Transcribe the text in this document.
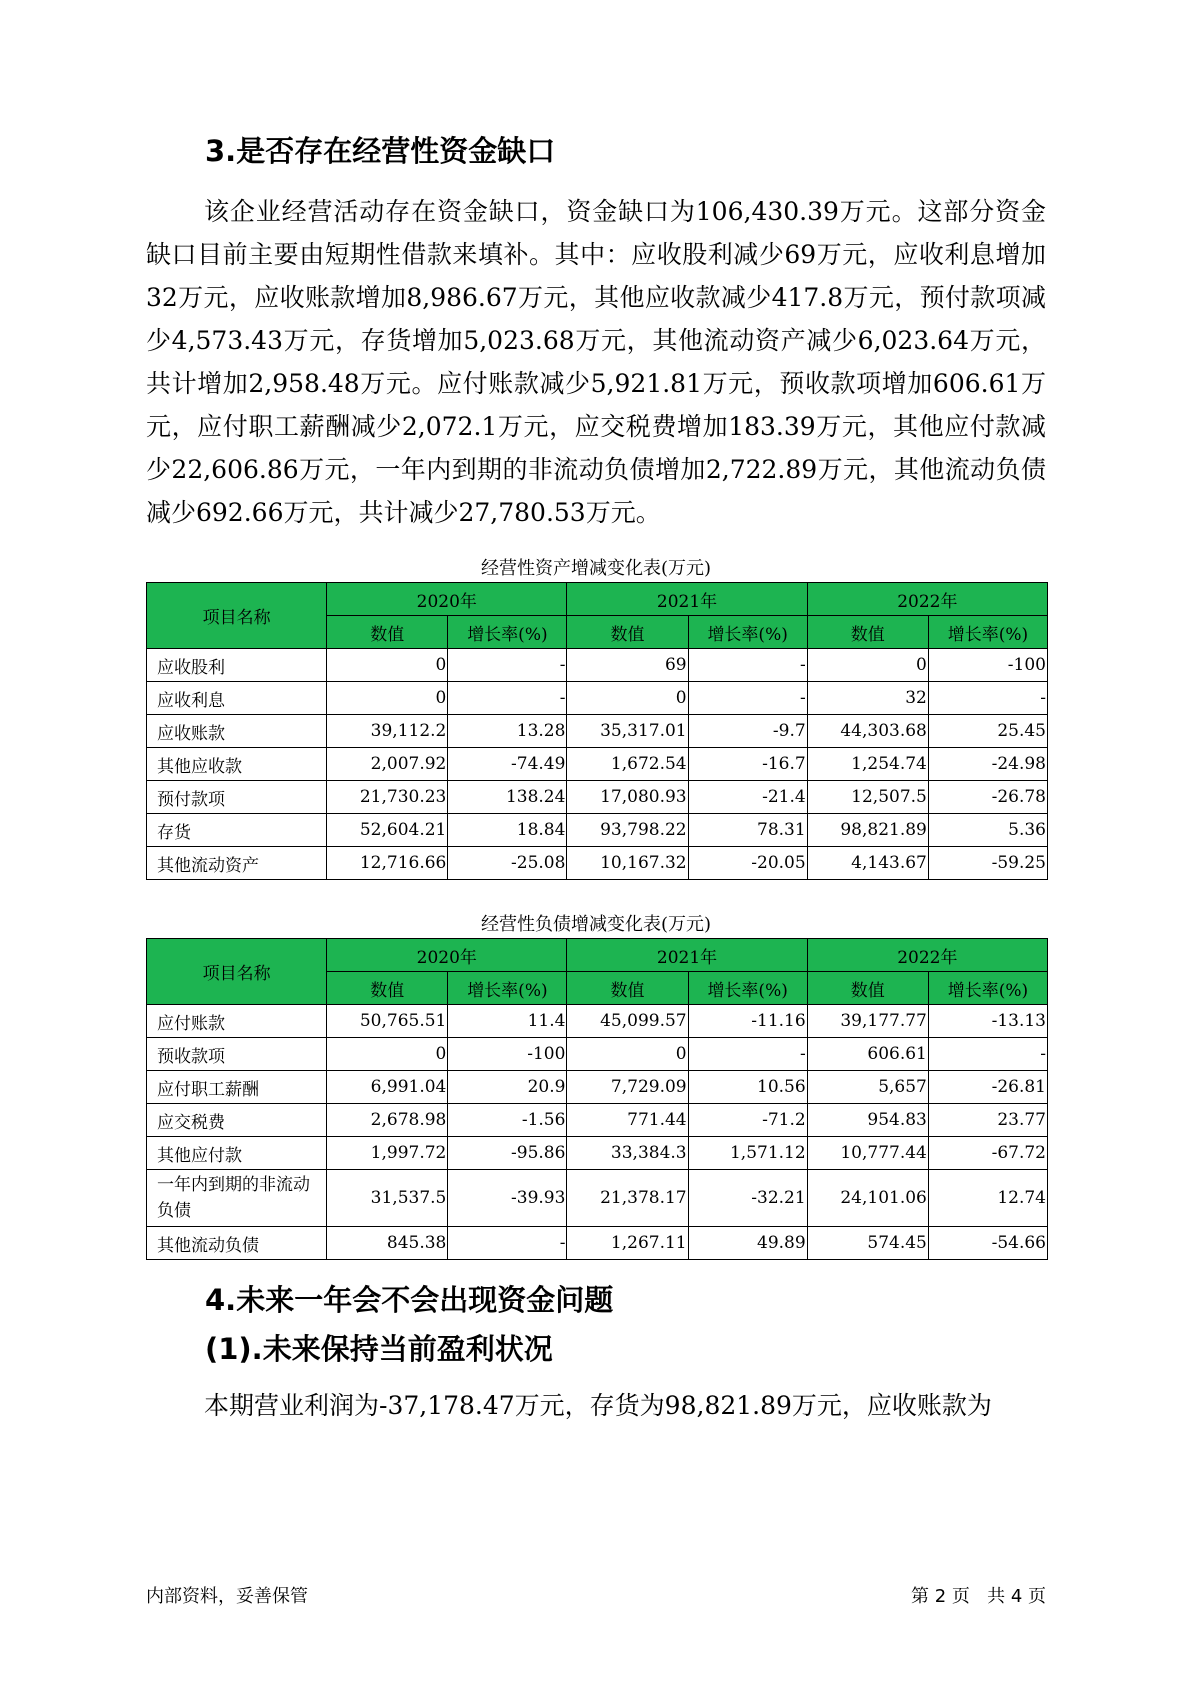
3.是否存在经营性资金缺口

该企业经营活动存在资金缺口，资金缺口为106,430.39万元。这部分资金缺口目前主要由短期性借款来填补。其中：应收股利减少69万元，应收利息增加32万元，应收账款增加8,986.67万元，其他应收款减少417.8万元，预付款项减少4,573.43万元，存货增加5,023.68万元，其他流动资产减少6,023.64万元，共计增加2,958.48万元。应付账款减少5,921.81万元，预收款项增加606.61万元，应付职工薪酬减少2,072.1万元，应交税费增加183.39万元，其他应付款减少22,606.86万元，一年内到期的非流动负债增加2,722.89万元，其他流动负债减少692.66万元，共计减少27,780.53万元。

经营性资产增减变化表(万元)
项目名称	2020年		2021年		2022年	
	数值	增长率(%)	数值	增长率(%)	数值	增长率(%)
应收股利	0	-	69	-	0	-100
应收利息	0	-	0	-	32	-
应收账款	39,112.2	13.28	35,317.01	-9.7	44,303.68	25.45
其他应收款	2,007.92	-74.49	1,672.54	-16.7	1,254.74	-24.98
预付款项	21,730.23	138.24	17,080.93	-21.4	12,507.5	-26.78
存货	52,604.21	18.84	93,798.22	78.31	98,821.89	5.36
其他流动资产	12,716.66	-25.08	10,167.32	-20.05	4,143.67	-59.25
经营性负债增减变化表(万元)
项目名称	2020年		2021年		2022年	
	数值	增长率(%)	数值	增长率(%)	数值	增长率(%)
应付账款	50,765.51	11.4	45,099.57	-11.16	39,177.77	-13.13
预收款项	0	-100	0	-	606.61	-
应付职工薪酬	6,991.04	20.9	7,729.09	10.56	5,657	-26.81
应交税费	2,678.98	-1.56	771.44	-71.2	954.83	23.77
其他应付款	1,997.72	-95.86	33,384.3	1,571.12	10,777.44	-67.72
一年内到期的非流动负债	31,537.5	-39.93	21,378.17	-32.21	24,101.06	12.74
其他流动负债	845.38	-	1,267.11	49.89	574.45	-54.66
4.未来一年会不会出现资金问题
(1).未来保持当前盈利状况

本期营业利润为-37,178.47万元，存货为98,821.89万元，应收账款为

内部资料，妥善保管	第 2 页   共 4 页
